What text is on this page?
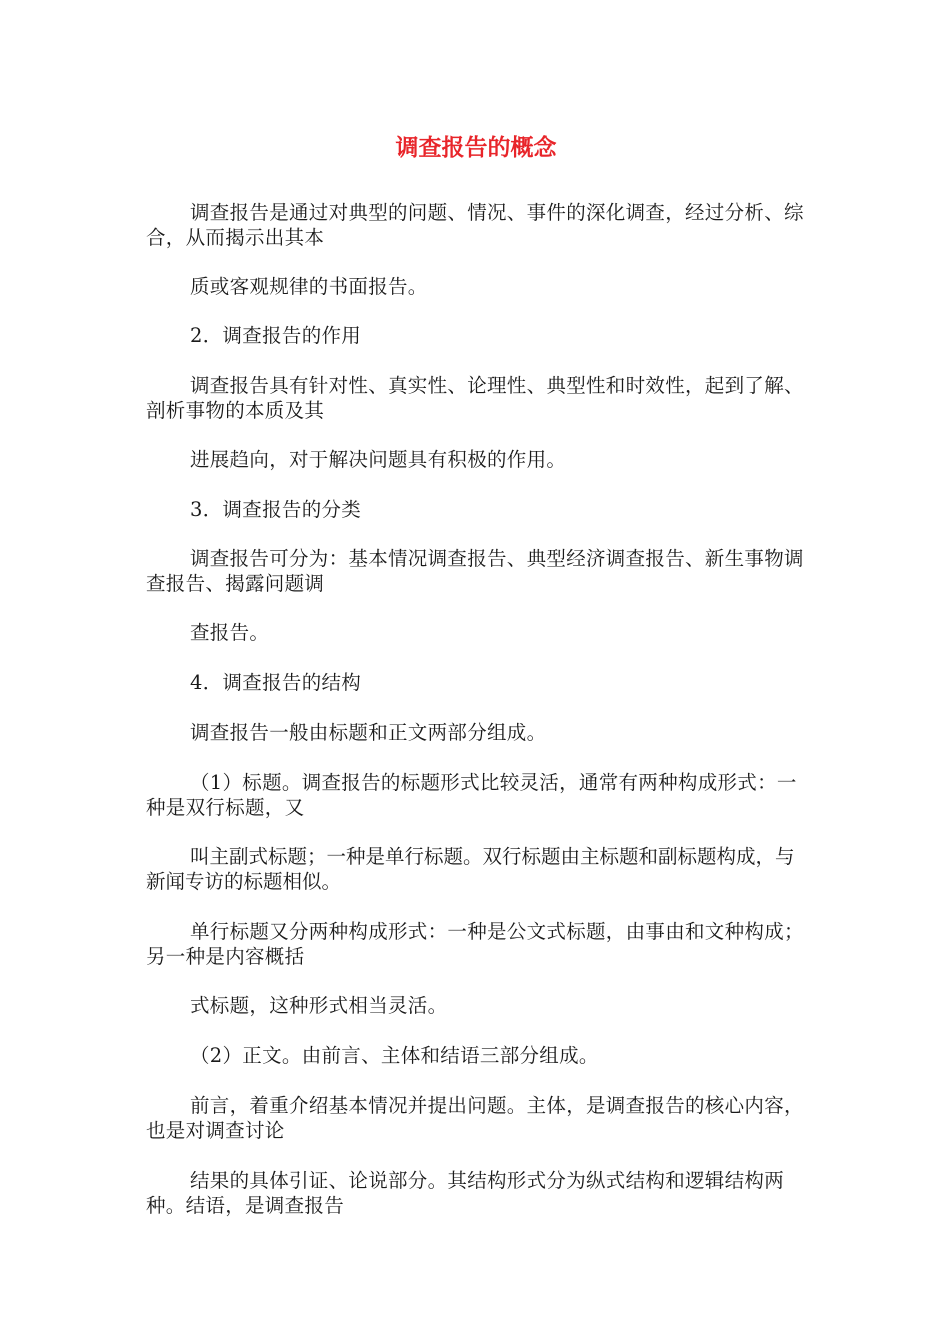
调查报告的概念

调查报告是通过对典型的问题、情况、事件的深化调查，经过分析、综合，从而揭示出其本

质或客观规律的书面报告。

2．调查报告的作用

调查报告具有针对性、真实性、论理性、典型性和时效性，起到了解、剖析事物的本质及其

进展趋向，对于解决问题具有积极的作用。

3．调查报告的分类

调查报告可分为：基本情况调查报告、典型经济调查报告、新生事物调查报告、揭露问题调

查报告。

4．调查报告的结构

调查报告一般由标题和正文两部分组成。

（1）标题。调查报告的标题形式比较灵活，通常有两种构成形式：一种是双行标题，又

叫主副式标题；一种是单行标题。双行标题由主标题和副标题构成，与新闻专访的标题相似。

单行标题又分两种构成形式：一种是公文式标题，由事由和文种构成；另一种是内容概括

式标题，这种形式相当灵活。

（2）正文。由前言、主体和结语三部分组成。

前言，着重介绍基本情况并提出问题。主体，是调查报告的核心内容，也是对调查讨论

结果的具体引证、论说部分。其结构形式分为纵式结构和逻辑结构两种。结语，是调查报告
